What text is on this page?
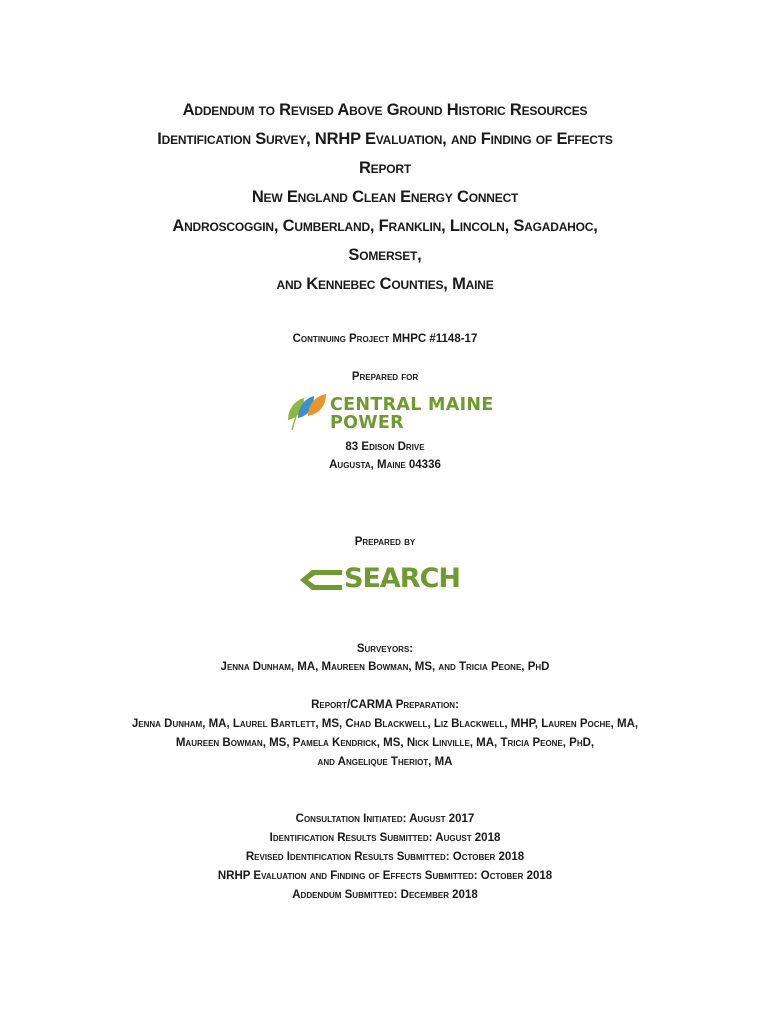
Addendum to Revised Above Ground Historic Resources
Identification Survey, NRHP Evaluation, and Finding of Effects
Report
New England Clean Energy Connect
Androscoggin, Cumberland, Franklin, Lincoln, Sagadahoc,
Somerset,
and Kennebec Counties, Maine
Continuing Project MHPC #1148-17
Prepared for
CENTRAL MAINE
POWER
83 Edison Drive
Augusta, Maine 04336
Prepared by
SEARCH
Surveyors:
Jenna Dunham, MA, Maureen Bowman, MS, and Tricia Peone, PhD
Report/CARMA Preparation:
Jenna Dunham, MA, Laurel Bartlett, MS, Chad Blackwell, Liz Blackwell, MHP, Lauren Poche, MA,
Maureen Bowman, MS, Pamela Kendrick, MS, Nick Linville, MA, Tricia Peone, PhD,
and Angelique Theriot, MA
Consultation Initiated: August 2017
Identification Results Submitted: August 2018
Revised Identification Results Submitted: October 2018
NRHP Evaluation and Finding of Effects Submitted: October 2018
Addendum Submitted: December 2018
